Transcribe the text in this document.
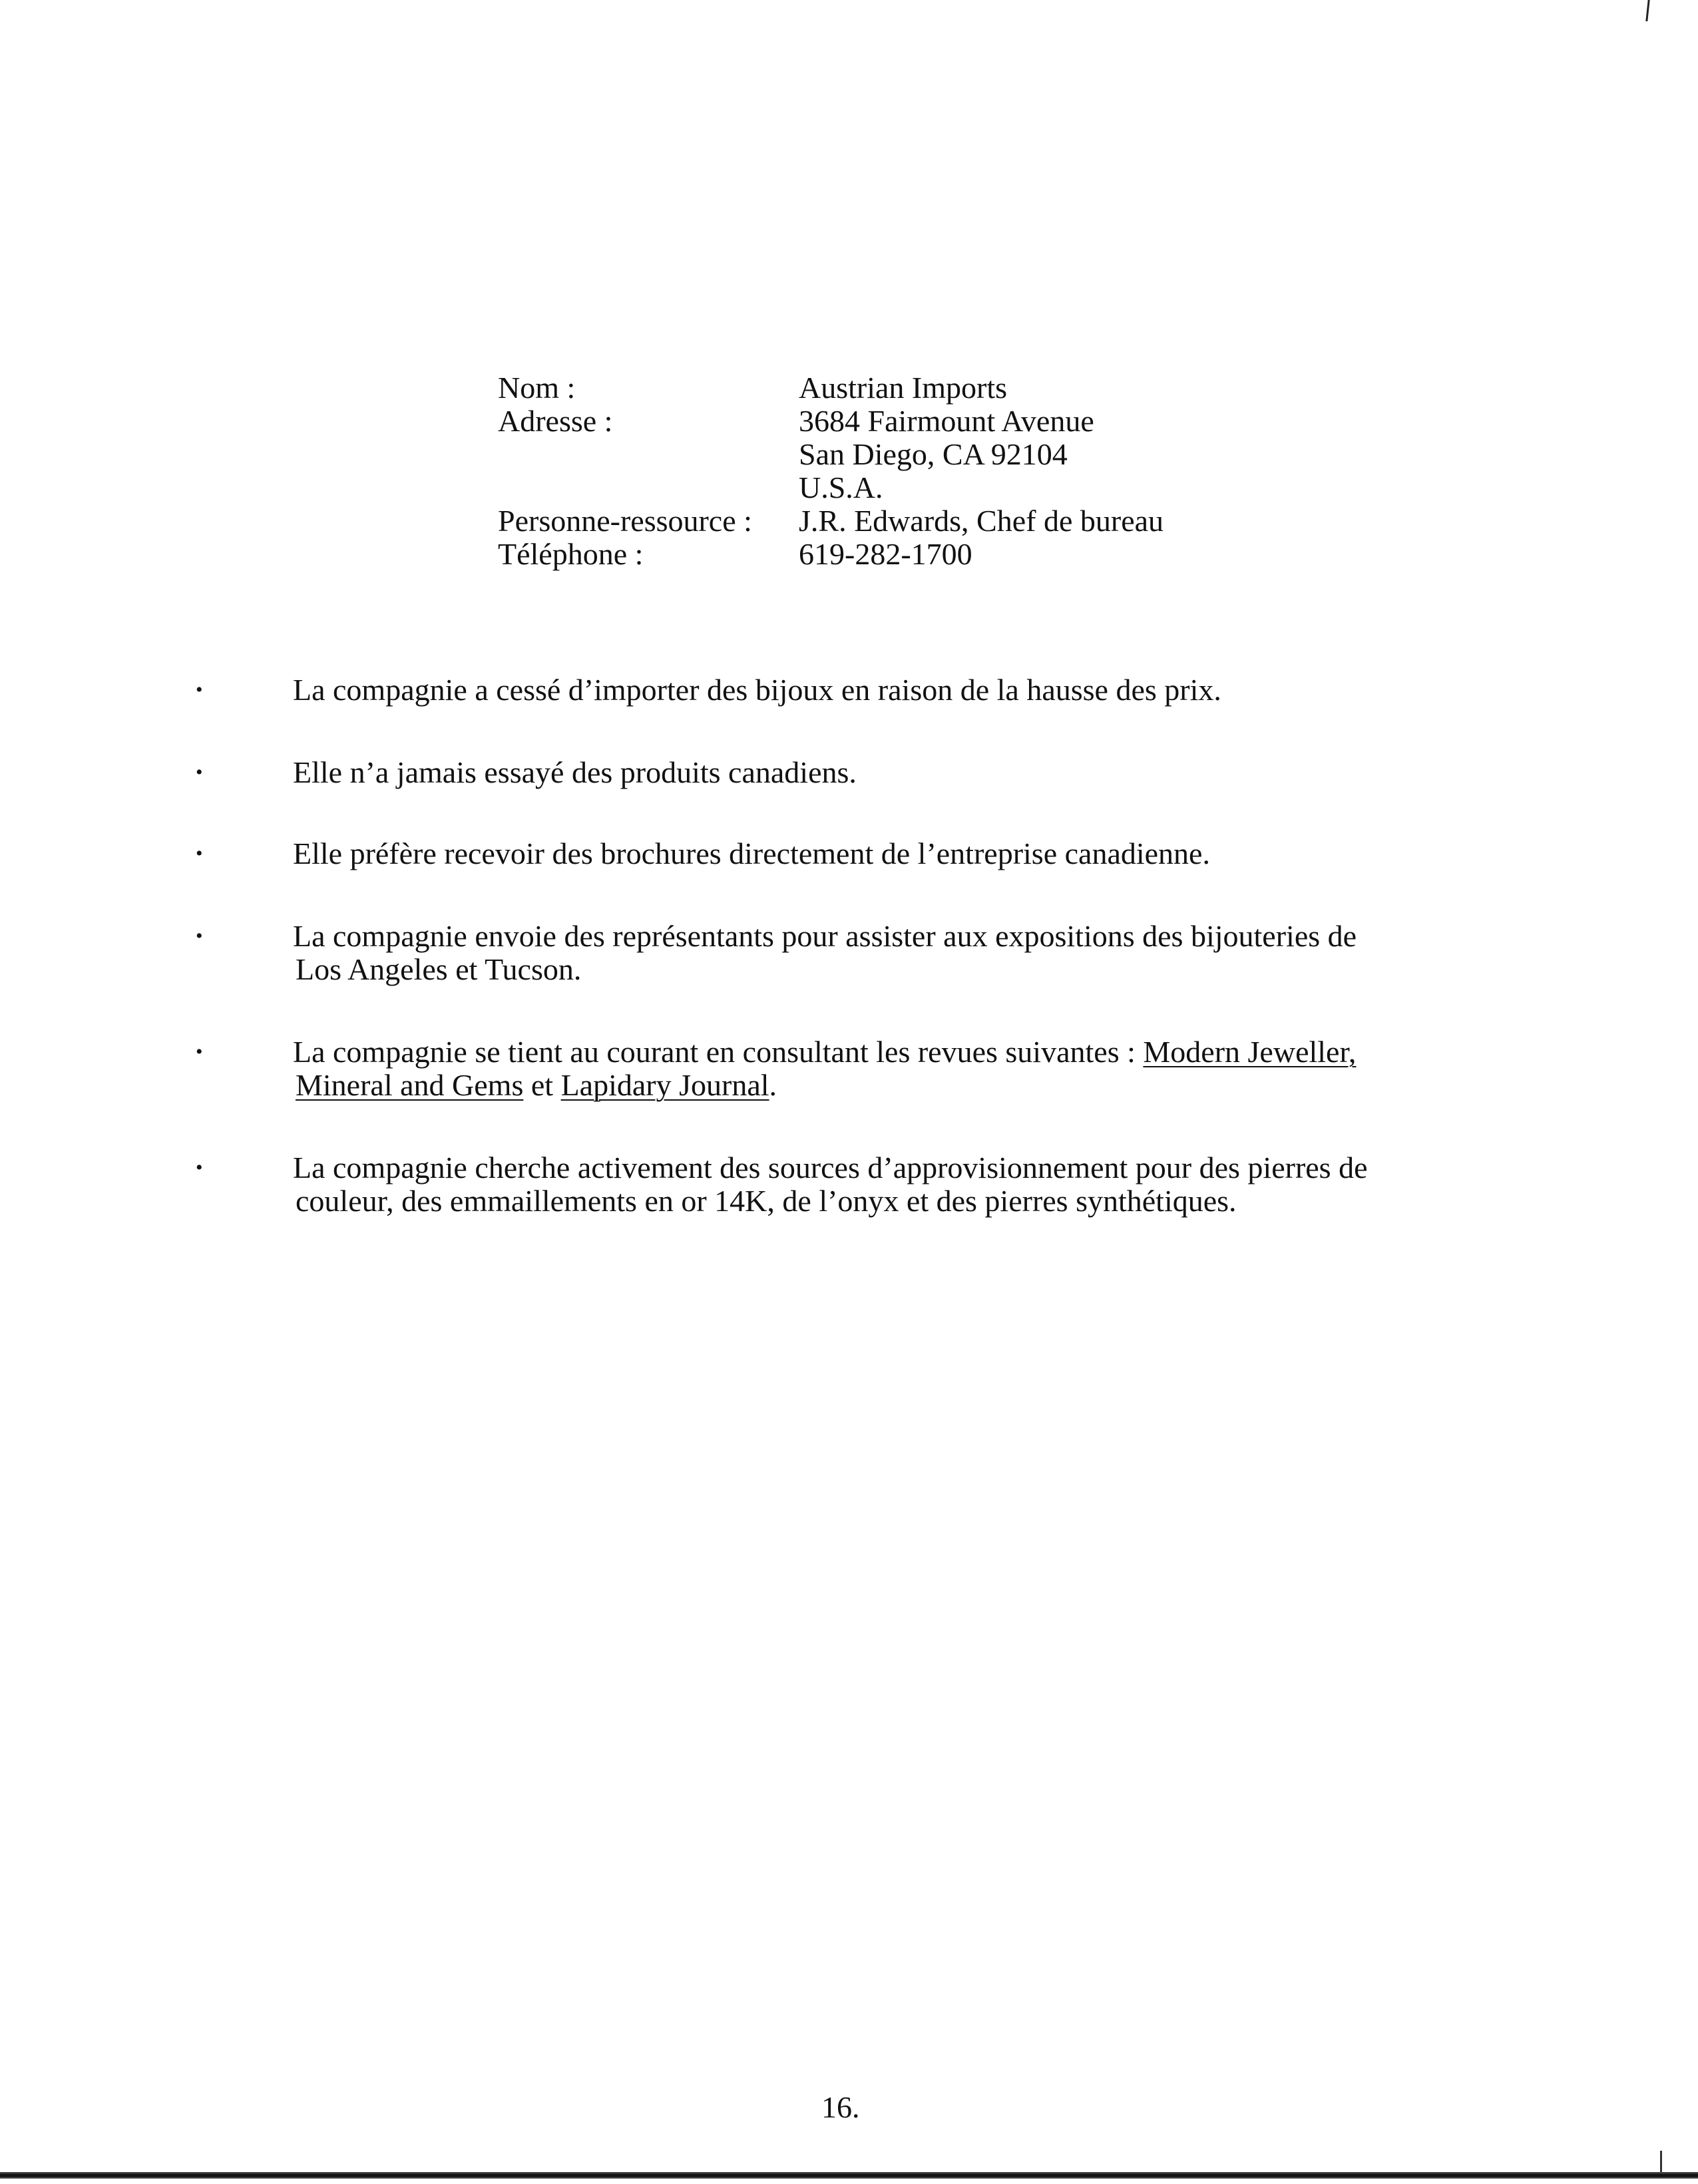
Nom :	Austrian Imports
Adresse :	3684 Fairmount Avenue
San Diego, CA 92104
U.S.A.
Personne-ressource :	J.R. Edwards, Chef de bureau
Téléphone :	619-282-1700
•	La compagnie a cessé d’importer des bijoux en raison de la hausse des prix.
•	Elle n’a jamais essayé des produits canadiens.
•	Elle préfère recevoir des brochures directement de l’entreprise canadienne.
•	La compagnie envoie des représentants pour assister aux expositions des bijouteries de
Los Angeles et Tucson.
•	La compagnie se tient au courant en consultant les revues suivantes : Modern Jeweller,
Mineral and Gems et Lapidary Journal.
•	La compagnie cherche activement des sources d’approvisionnement pour des pierres de
couleur, des emmaillements en or 14K, de l’onyx et des pierres synthétiques.
16.
